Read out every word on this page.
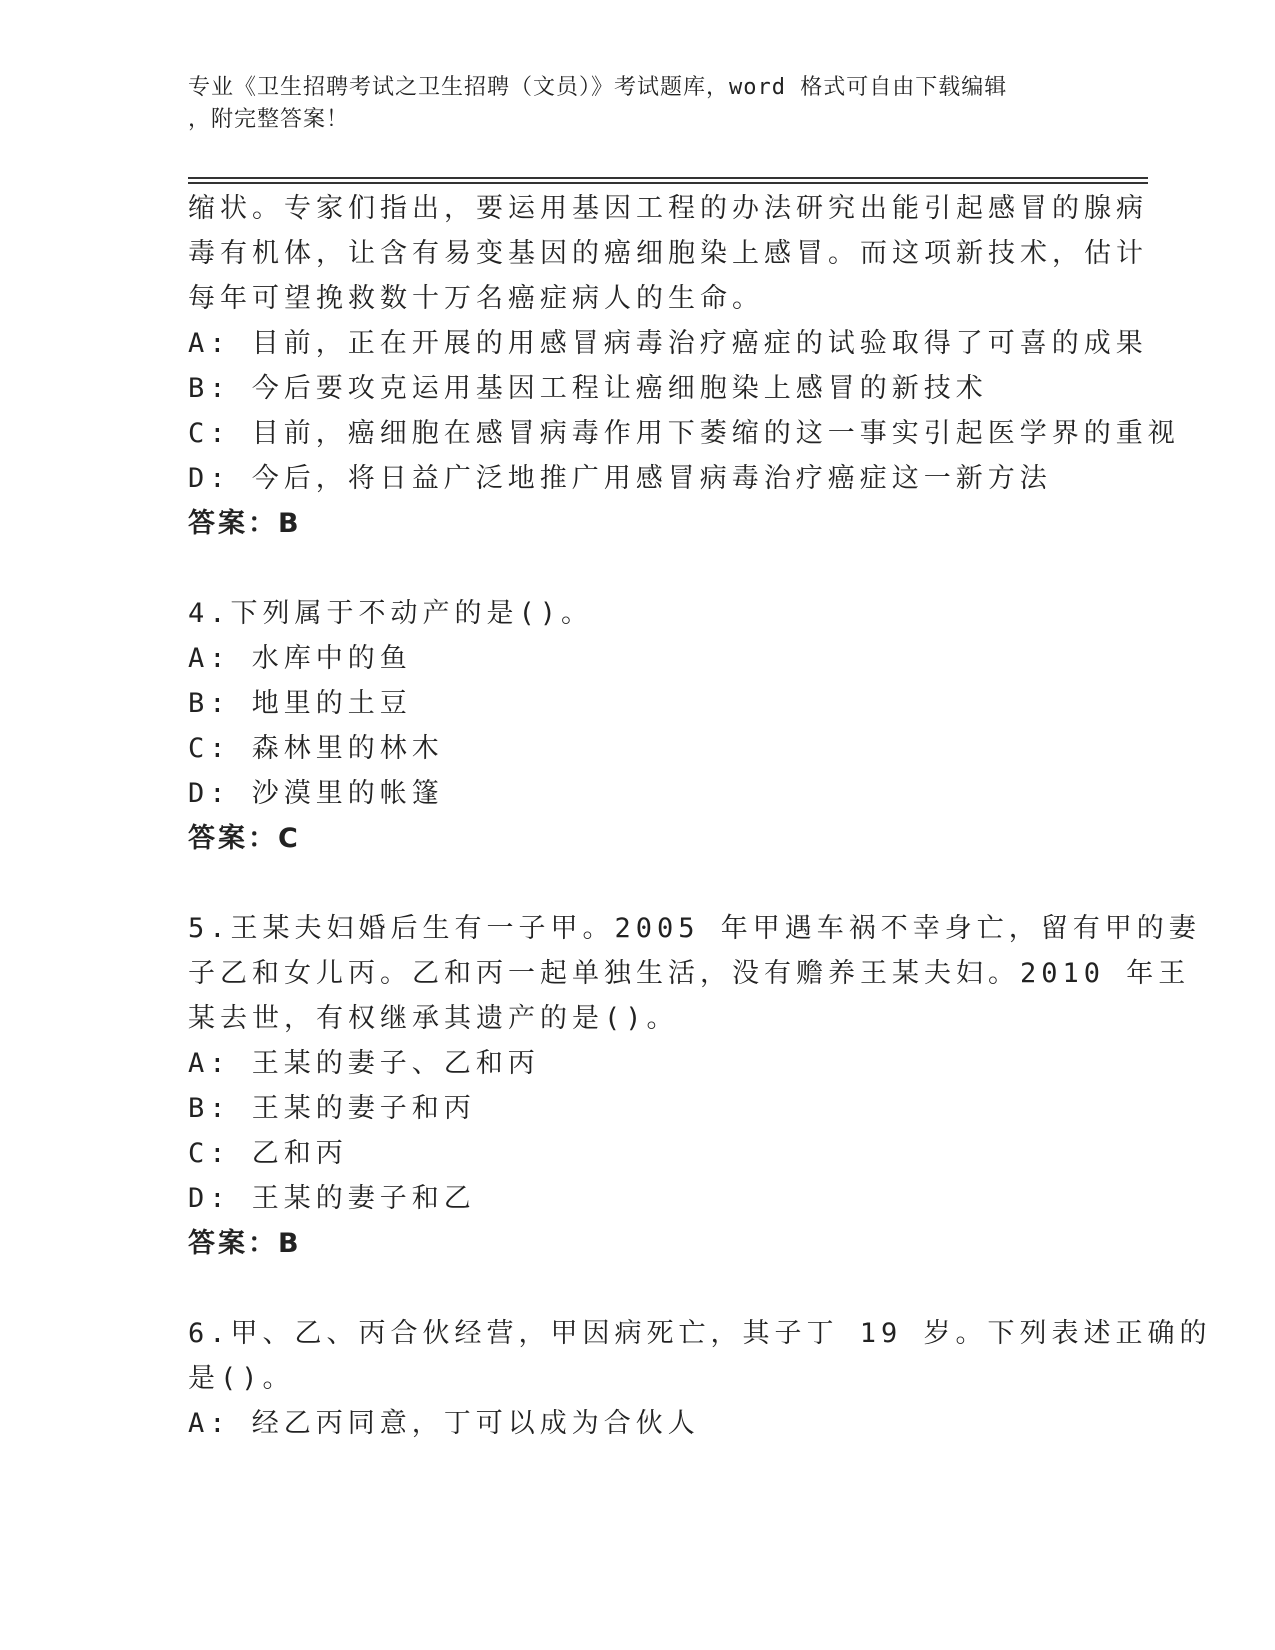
专业《卫生招聘考试之卫生招聘（文员）》考试题库，word 格式可自由下载编辑
，附完整答案！
缩状。专家们指出，要运用基因工程的办法研究出能引起感冒的腺病
毒有机体，让含有易变基因的癌细胞染上感冒。而这项新技术，估计
每年可望挽救数十万名癌症病人的生命。
A: 目前，正在开展的用感冒病毒治疗癌症的试验取得了可喜的成果
B: 今后要攻克运用基因工程让癌细胞染上感冒的新技术
C: 目前，癌细胞在感冒病毒作用下萎缩的这一事实引起医学界的重视
D: 今后，将日益广泛地推广用感冒病毒治疗癌症这一新方法
答案：B
4.下列属于不动产的是()。
A: 水库中的鱼
B: 地里的土豆
C: 森林里的林木
D: 沙漠里的帐篷
答案：C
5.王某夫妇婚后生有一子甲。2005 年甲遇车祸不幸身亡，留有甲的妻
子乙和女儿丙。乙和丙一起单独生活，没有赡养王某夫妇。2010 年王
某去世，有权继承其遗产的是()。
A: 王某的妻子、乙和丙
B: 王某的妻子和丙
C: 乙和丙
D: 王某的妻子和乙
答案：B
6.甲、乙、丙合伙经营，甲因病死亡，其子丁 19 岁。下列表述正确的
是()。
A: 经乙丙同意，丁可以成为合伙人
